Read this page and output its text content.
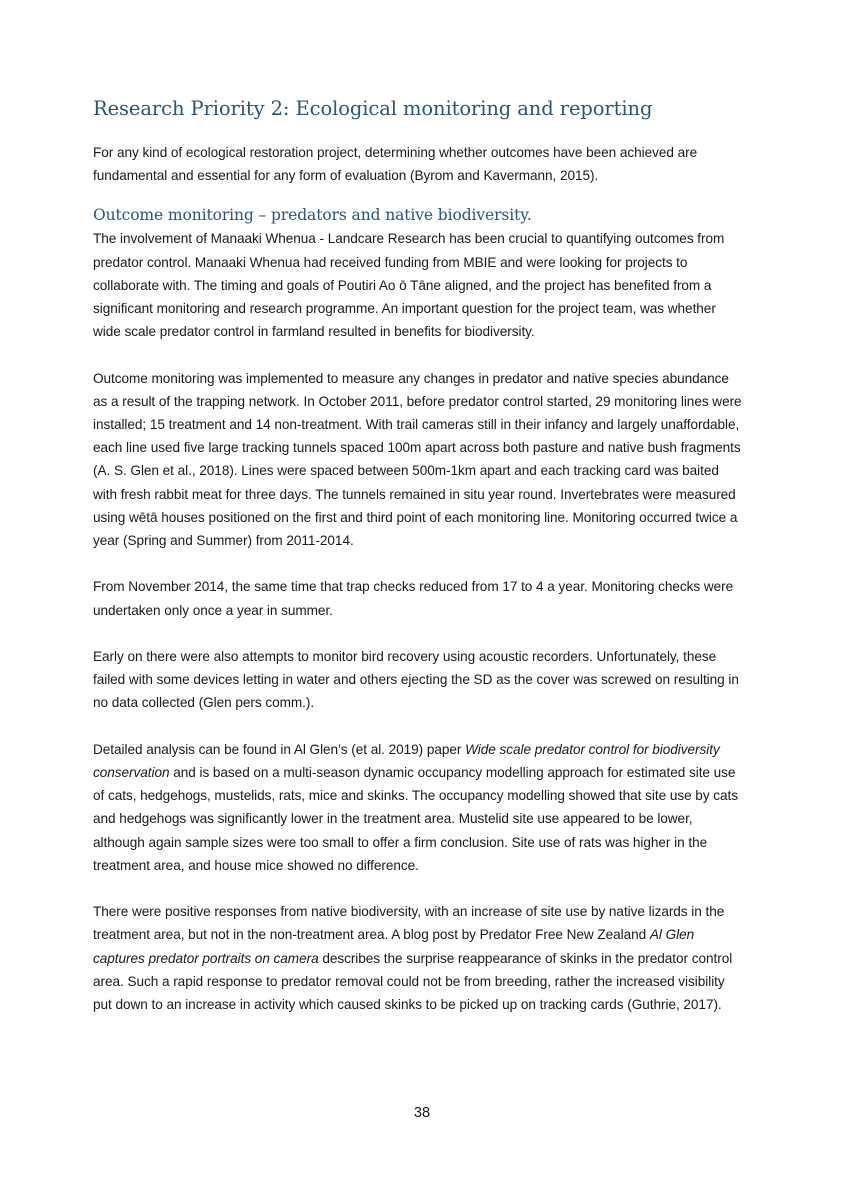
Research Priority 2: Ecological monitoring and reporting

For any kind of ecological restoration project, determining whether outcomes have been achieved are fundamental and essential for any form of evaluation (Byrom and Kavermann, 2015).

Outcome monitoring – predators and native biodiversity.

The involvement of Manaaki Whenua - Landcare Research has been crucial to quantifying outcomes from predator control. Manaaki Whenua had received funding from MBIE and were looking for projects to collaborate with. The timing and goals of Poutiri Ao ō Tāne aligned, and the project has benefited from a significant monitoring and research programme. An important question for the project team, was whether wide scale predator control in farmland resulted in benefits for biodiversity.

Outcome monitoring was implemented to measure any changes in predator and native species abundance as a result of the trapping network. In October 2011, before predator control started, 29 monitoring lines were installed; 15 treatment and 14 non-treatment. With trail cameras still in their infancy and largely unaffordable, each line used five large tracking tunnels spaced 100m apart across both pasture and native bush fragments (A. S. Glen et al., 2018). Lines were spaced between 500m-1km apart and each tracking card was baited with fresh rabbit meat for three days. The tunnels remained in situ year round. Invertebrates were measured using wētā houses positioned on the first and third point of each monitoring line. Monitoring occurred twice a year (Spring and Summer) from 2011-2014.

From November 2014, the same time that trap checks reduced from 17 to 4 a year. Monitoring checks were undertaken only once a year in summer.

Early on there were also attempts to monitor bird recovery using acoustic recorders. Unfortunately, these failed with some devices letting in water and others ejecting the SD as the cover was screwed on resulting in no data collected (Glen pers comm.).

Detailed analysis can be found in Al Glen’s (et al. 2019) paper Wide scale predator control for biodiversity conservation and is based on a multi-season dynamic occupancy modelling approach for estimated site use of cats, hedgehogs, mustelids, rats, mice and skinks. The occupancy modelling showed that site use by cats and hedgehogs was significantly lower in the treatment area. Mustelid site use appeared to be lower, although again sample sizes were too small to offer a firm conclusion. Site use of rats was higher in the treatment area, and house mice showed no difference.

There were positive responses from native biodiversity, with an increase of site use by native lizards in the treatment area, but not in the non-treatment area. A blog post by Predator Free New Zealand Al Glen captures predator portraits on camera describes the surprise reappearance of skinks in the predator control area. Such a rapid response to predator removal could not be from breeding, rather the increased visibility put down to an increase in activity which caused skinks to be picked up on tracking cards (Guthrie, 2017).

38
